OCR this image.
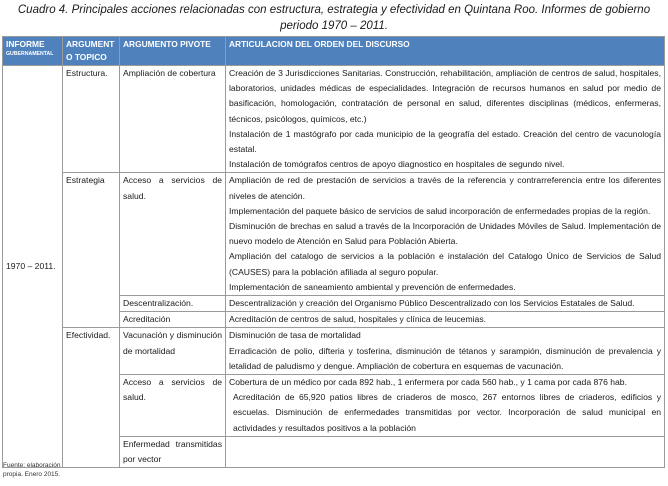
Cuadro 4. Principales acciones relacionadas con estructura, estrategia y efectividad en Quintana Roo. Informes de gobierno
periodo 1970 – 2011.
INFORME
GUBERNAMENTAL	ARGUMENT O TOPICO	ARGUMENTO PIVOTE	ARTICULACION DEL ORDEN DEL DISCURSO
1970 – 2011.	Estructura.	Ampliación de cobertura	Creación de 3 Jurisdicciones Sanitarias. Construcción, rehabilitación, ampliación de centros de salud, hospitales, laboratorios, unidades médicas de especialidades. Integración de recursos humanos en salud por medio de basificación, homologación, contratación de personal en salud, diferentes disciplinas (médicos, enfermeras, técnicos, psicólogos, químicos, etc.)
Instalación de 1 mastógrafo por cada municipio de la geografía del estado. Creación del centro de vacunología estatal.
Instalación de tomógrafos centros de apoyo diagnostico en hospitales de segundo nivel.

	Estrategia	Acceso a servicios de salud.	Ampliación de red de prestación de servicios a través de la referencia y contrarreferencia entre los diferentes niveles de atención.
Implementación del paquete básico de servicios de salud incorporación de enfermedades propias de la región.
Disminución de brechas en salud a través de la Incorporación de Unidades Móviles de Salud. Implementación de nuevo modelo de Atención en Salud para Población Abierta.
Ampliación del catalogo de servicios a la población e instalación del Catalogo Único de Servicios de Salud (CAUSES) para la población afiliada al seguro popular.
Implementación de saneamiento ambiental y prevención de enfermedades.

		Descentralización.	Descentralización y creación del Organismo Público Descentralizado con los Servicios Estatales de Salud.
		Acreditación	Acreditación de centros de salud, hospitales y clínica de leucemias.
	Efectividad.	Vacunación y disminución de mortalidad	Disminución de tasa de mortalidad
Erradicación de polio, difteria y tosferina, disminución de tétanos y sarampión, disminución de prevalencia y letalidad de paludismo y dengue. Ampliación de cobertura en esquemas de vacunación.

		Acceso a servicios de salud.	Cobertura de un médico por cada 892 hab., 1 enfermera por cada 560 hab., y 1 cama por cada 876 hab.
Acreditación de 65,920 patios libres de criaderos de mosco, 267 entornos libres de criaderos, edificios y escuelas. Disminución de enfermedades transmitidas por vector. Incorporación de salud municipal en actividades y resultados positivos a la población

		Enfermedad transmitidas por vector	
Fuente: elaboración
propia. Enero 2015.
